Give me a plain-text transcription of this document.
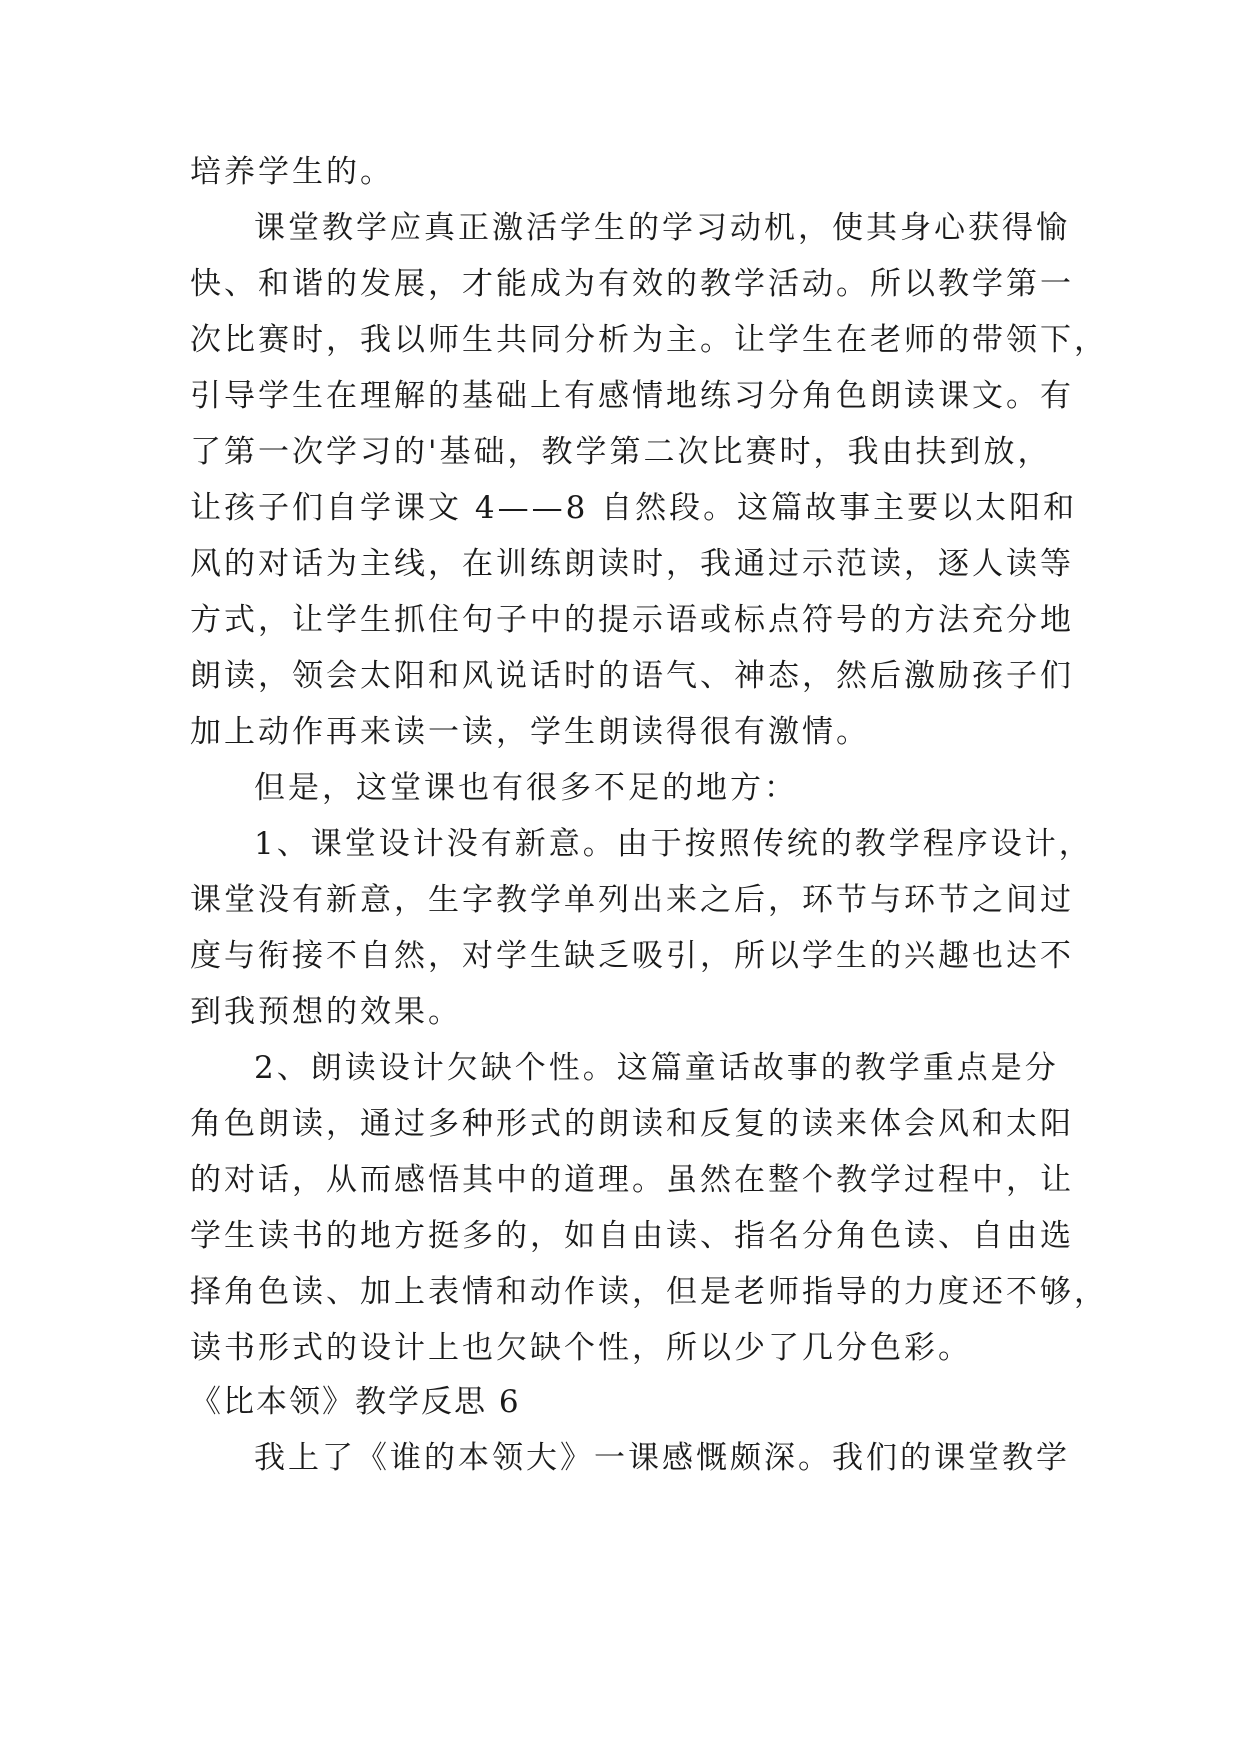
培养学生的。
课堂教学应真正激活学生的学习动机，使其身心获得愉
快、和谐的发展，才能成为有效的教学活动。所以教学第一
次比赛时，我以师生共同分析为主。让学生在老师的带领下，
引导学生在理解的基础上有感情地练习分角色朗读课文。有
了第一次学习的'基础，教学第二次比赛时，我由扶到放，
让孩子们自学课文 4——8 自然段。这篇故事主要以太阳和
风的对话为主线，在训练朗读时，我通过示范读，逐人读等
方式，让学生抓住句子中的提示语或标点符号的方法充分地
朗读，领会太阳和风说话时的语气、神态，然后激励孩子们
加上动作再来读一读，学生朗读得很有激情。
但是，这堂课也有很多不足的地方：
1、课堂设计没有新意。由于按照传统的教学程序设计，
课堂没有新意，生字教学单列出来之后，环节与环节之间过
度与衔接不自然，对学生缺乏吸引，所以学生的兴趣也达不
到我预想的效果。
2、朗读设计欠缺个性。这篇童话故事的教学重点是分
角色朗读，通过多种形式的朗读和反复的读来体会风和太阳
的对话，从而感悟其中的道理。虽然在整个教学过程中，让
学生读书的地方挺多的，如自由读、指名分角色读、自由选
择角色读、加上表情和动作读，但是老师指导的力度还不够，
读书形式的设计上也欠缺个性，所以少了几分色彩。
《比本领》教学反思 6
我上了《谁的本领大》一课感慨颇深。我们的课堂教学
